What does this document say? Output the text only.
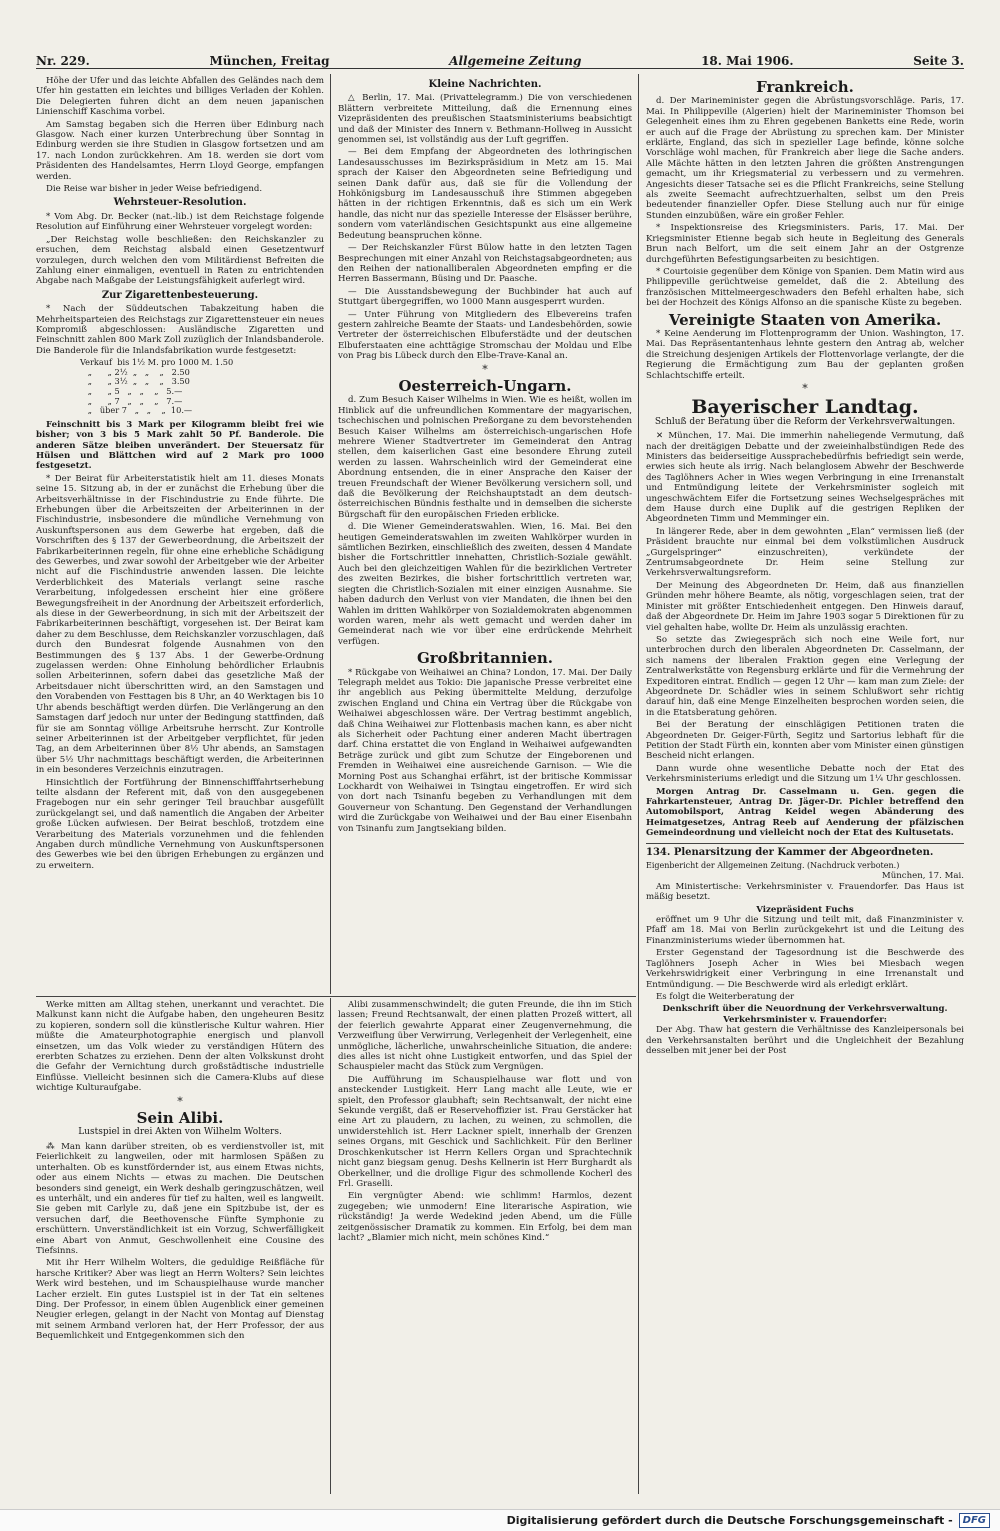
Nr. 229.	München, Freitag	Allgemeine Zeitung	18. Mai 1906.	Seite 3.

Höhe der Ufer und das leichte Abfallen des Geländes nach dem Ufer hin gestatten ein leichtes und billiges Verladen der Kohlen. Die Delegierten fuhren dicht an dem neuen japanischen Linienschiff Kaschima vorbei.

Am Samstag begaben sich die Herren über Edinburg nach Glasgow. Nach einer kurzen Unterbrechung über Sonntag in Edinburg werden sie ihre Studien in Glasgow fortsetzen und am 17. nach London zurückkehren. Am 18. werden sie dort vom Präsidenten des Handelsamtes, Herrn Lloyd George, empfangen werden.

Die Reise war bisher in jeder Weise befriedigend.

Wehrsteuer-Resolution.

* Vom Abg. Dr. Becker (nat.-lib.) ist dem Reichstage folgende Resolution auf Einführung einer Wehrsteuer vorgelegt worden:

„Der Reichstag wolle beschließen: den Reichskanzler zu ersuchen, dem Reichstag alsbald einen Gesetzentwurf vorzulegen, durch welchen den vom Militärdienst Befreiten die Zahlung einer einmaligen, eventuell in Raten zu entrichtenden Abgabe nach Maßgabe der Leistungsfähigkeit auferlegt wird.

Zur Zigarettenbesteuerung.

* Nach der Süddeutschen Tabakzeitung haben die Mehrheitsparteien des Reichstags zur Zigarettensteuer ein neues Kompromiß abgeschlossen: Ausländische Zigaretten und Feinschnitt zahlen 800 Mark Zoll zuzüglich der Inlandsbanderole. Die Banderole für die Inlandsfabrikation wurde festgesetzt:

Verkauf  bis 1½ M. pro 1000 M. 1.50
„      „ 2½  „   „    „   2.50
„      „ 3½  „   „    „   3.50
„      „ 5   „   „    „   5.—
„      „ 7   „   „    „   7.—
„   über 7   „   „    „  10.—

Feinschnitt bis 3 Mark per Kilogramm bleibt frei wie bisher; von 3 bis 5 Mark zahlt 50 Pf. Banderole. Die anderen Sätze bleiben unverändert. Der Steuersatz für Hülsen und Blättchen wird auf 2 Mark pro 1000 festgesetzt.

* Der Beirat für Arbeiterstatistik hielt am 11. dieses Monats seine 15. Sitzung ab, in der er zunächst die Erhebung über die Arbeitsverhältnisse in der Fischindustrie zu Ende führte. Die Erhebungen über die Arbeitszeiten der Arbeiterinnen in der Fischindustrie, insbesondere die mündliche Vernehmung von Auskunftspersonen aus dem Gewerbe hat ergeben, daß die Vorschriften des § 137 der Gewerbeordnung, die Arbeitszeit der Fabrikarbeiterinnen regeln, für ohne eine erhebliche Schädigung des Gewerbes, und zwar sowohl der Arbeitgeber wie der Arbeiter nicht auf die Fischindustrie anwenden lassen. Die leichte Verderblichkeit des Materials verlangt seine rasche Verarbeitung, infolgedessen erscheint hier eine größere Bewegungsfreiheit in der Anordnung der Arbeitszeit erforderlich, als diese in der Gewerbeordnung, in sich mit der Arbeitszeit der Fabrikarbeiterinnen beschäftigt, vorgesehen ist. Der Beirat kam daher zu dem Beschlusse, dem Reichskanzler vorzuschlagen, daß durch den Bundesrat folgende Ausnahmen von den Bestimmungen des § 137 Abs. 1 der Gewerbe-Ordnung zugelassen werden: Ohne Einholung behördlicher Erlaubnis sollen Arbeiterinnen, sofern dabei das gesetzliche Maß der Arbeitsdauer nicht überschritten wird, an den Samstagen und den Vorabenden von Festtagen bis 8 Uhr, an 40 Werktagen bis 10 Uhr abends beschäftigt werden dürfen. Die Verlängerung an den Samstagen darf jedoch nur unter der Bedingung stattfinden, daß für sie am Sonntag völlige Arbeitsruhe herrscht. Zur Kontrolle seiner Arbeiterinnen ist der Arbeitgeber verpflichtet, für jeden Tag, an dem Arbeiterinnen über 8½ Uhr abends, an Samstagen über 5½ Uhr nachmittags beschäftigt werden, die Arbeiterinnen in ein besonderes Verzeichnis einzutragen.

Hinsichtlich der Fortführung der Binnenschifffahrtserhebung teilte alsdann der Referent mit, daß von den ausgegebenen Fragebogen nur ein sehr geringer Teil brauchbar ausgefüllt zurückgelangt sei, und daß namentlich die Angaben der Arbeiter große Lücken aufwiesen. Der Beirat beschloß, trotzdem eine Verarbeitung des Materials vorzunehmen und die fehlenden Angaben durch mündliche Vernehmung von Auskunftspersonen des Gewerbes wie bei den übrigen Erhebungen zu ergänzen und zu erweitern.

Kleine Nachrichten.

△ Berlin, 17. Mai. (Privattelegramm.) Die von verschiedenen Blättern verbreitete Mitteilung, daß die Ernennung eines Vizepräsidenten des preußischen Staatsministeriums beabsichtigt und daß der Minister des Innern v. Bethmann-Hollweg in Aussicht genommen sei, ist vollständig aus der Luft gegriffen.

— Bei dem Empfang der Abgeordneten des lothringischen Landesausschusses im Bezirkspräsidium in Metz am 15. Mai sprach der Kaiser den Abgeordneten seine Befriedigung und seinen Dank dafür aus, daß sie für die Vollendung der Hohkönigsburg im Landesausschuß ihre Stimmen abgegeben hätten in der richtigen Erkenntnis, daß es sich um ein Werk handle, das nicht nur das spezielle Interesse der Elsässer berühre, sondern vom vaterländischen Gesichtspunkt aus eine allgemeine Bedeutung beanspruchen könne.

— Der Reichskanzler Fürst Bülow hatte in den letzten Tagen Besprechungen mit einer Anzahl von Reichstagsabgeordneten; aus den Reihen der nationalliberalen Abgeordneten empfing er die Herren Bassermann, Büsing und Dr. Paasche.

— Die Ausstandsbewegung der Buchbinder hat auch auf Stuttgart übergegriffen, wo 1000 Mann ausgesperrt wurden.

— Unter Führung von Mitgliedern des Elbevereins trafen gestern zahlreiche Beamte der Staats- und Landesbehörden, sowie Vertreter der österreichischen Elbuferstädte und der deutschen Elbuferstaaten eine achttägige Stromschau der Moldau und Elbe von Prag bis Lübeck durch den Elbe-Trave-Kanal an.

*
Oesterreich-Ungarn.

d. Zum Besuch Kaiser Wilhelms in Wien. Wie es heißt, wollen im Hinblick auf die unfreundlichen Kommentare der magyarischen, tschechischen und polnischen Preßorgane zu dem bevorstehenden Besuch Kaiser Wilhelms am österreichisch-ungarischen Hofe mehrere Wiener Stadtvertreter im Gemeinderat den Antrag stellen, dem kaiserlichen Gast eine besondere Ehrung zuteil werden zu lassen. Wahrscheinlich wird der Gemeinderat eine Abordnung entsenden, die in einer Ansprache den Kaiser der treuen Freundschaft der Wiener Bevölkerung versichern soll, und daß die Bevölkerung der Reichshauptstadt an dem deutsch-österreichischen Bündnis festhalte und in demselben die sicherste Bürgschaft für den europäischen Frieden erblicke.

d. Die Wiener Gemeinderatswahlen. Wien, 16. Mai. Bei den heutigen Gemeinderatswahlen im zweiten Wahlkörper wurden in sämtlichen Bezirken, einschließlich des zweiten, dessen 4 Mandate bisher die Fortschrittler innehatten, Christlich-Soziale gewählt. Auch bei den gleichzeitigen Wahlen für die bezirklichen Vertreter des zweiten Bezirkes, die bisher fortschrittlich vertreten war, siegten die Christlich-Sozialen mit einer einzigen Ausnahme. Sie haben dadurch den Verlust von vier Mandaten, die ihnen bei den Wahlen im dritten Wahlkörper von Sozialdemokraten abgenommen worden waren, mehr als wett gemacht und werden daher im Gemeinderat nach wie vor über eine erdrückende Mehrheit verfügen.

Großbritannien.

* Rückgabe von Weihaiwei an China? London, 17. Mai. Der Daily Telegraph meldet aus Tokio: Die japanische Presse verbreitet eine ihr angeblich aus Peking übermittelte Meldung, derzufolge zwischen England und China ein Vertrag über die Rückgabe von Weihaiwei abgeschlossen wäre. Der Vertrag bestimmt angeblich, daß China Weihaiwei zur Flottenbasis machen kann, es aber nicht als Sicherheit oder Pachtung einer anderen Macht übertragen darf. China erstattet die von England in Weihaiwei aufgewandten Beträge zurück und gibt zum Schutze der Eingeborenen und Fremden in Weihaiwei eine ausreichende Garnison. — Wie die Morning Post aus Schanghai erfährt, ist der britische Kommissar Lockhardt von Weihaiwei in Tsingtau eingetroffen. Er wird sich von dort nach Tsinanfu begeben zu Verhandlungen mit dem Gouverneur von Schantung. Den Gegenstand der Verhandlungen wird die Zurückgabe von Weihaiwei und der Bau einer Eisenbahn von Tsinanfu zum Jangtsekiang bilden.

Frankreich.

d. Der Marineminister gegen die Abrüstungsvorschläge. Paris, 17. Mai. In Philippeville (Algerien) hielt der Marineminister Thomson bei Gelegenheit eines ihm zu Ehren gegebenen Banketts eine Rede, worin er auch auf die Frage der Abrüstung zu sprechen kam. Der Minister erklärte, England, das sich in spezieller Lage befinde, könne solche Vorschläge wohl machen, für Frankreich aber liege die Sache anders. Alle Mächte hätten in den letzten Jahren die größten Anstrengungen gemacht, um ihr Kriegsmaterial zu verbessern und zu vermehren. Angesichts dieser Tatsache sei es die Pflicht Frankreichs, seine Stellung als zweite Seemacht aufrechtzuerhalten, selbst um den Preis bedeutender finanzieller Opfer. Diese Stellung auch nur für einige Stunden einzubüßen, wäre ein großer Fehler.

* Inspektionsreise des Kriegsministers. Paris, 17. Mai. Der Kriegsminister Etienne begab sich heute in Begleitung des Generals Brun nach Belfort, um die seit einem Jahr an der Ostgrenze durchgeführten Befestigungsarbeiten zu besichtigen.

* Courtoisie gegenüber dem Könige von Spanien. Dem Matin wird aus Philippeville gerüchtweise gemeldet, daß die 2. Abteilung des französischen Mittelmeergeschwaders den Befehl erhalten habe, sich bei der Hochzeit des Königs Alfonso an die spanische Küste zu begeben.

Vereinigte Staaten von Amerika.

* Keine Aenderung im Flottenprogramm der Union. Washington, 17. Mai. Das Repräsentantenhaus lehnte gestern den Antrag ab, welcher die Streichung desjenigen Artikels der Flottenvorlage verlangte, der die Regierung die Ermächtigung zum Bau der geplanten großen Schlachtschiffe erteilt.

*
Bayerischer Landtag.
Schluß der Beratung über die Reform der Verkehrsverwaltungen.

✕ München, 17. Mai. Die immerhin naheliegende Vermutung, daß nach der dreitägigen Debatte und der zweieinhalbstündigen Rede des Ministers das beiderseitige Aussprachebedürfnis befriedigt sein werde, erwies sich heute als irrig. Nach belanglosem Abwehr der Beschwerde des Taglöhners Acher in Wies wegen Verbringung in eine Irrenanstalt und Entmündigung leitete der Verkehrsminister sogleich mit ungeschwächtem Eifer die Fortsetzung seines Wechselgespräches mit dem Hause durch eine Duplik auf die gestrigen Repliken der Abgeordneten Timm und Memminger ein.

In längerer Rede, aber in dem gewohnten „Elan“ vermissen ließ (der Präsident brauchte nur einmal bei dem volkstümlichen Ausdruck „Gurgelspringer“ einzuschreiten), verkündete der Zentrumsabgeordnete Dr. Heim seine Stellung zur Verkehrsverwaltungsreform.

Der Meinung des Abgeordneten Dr. Heim, daß aus finanziellen Gründen mehr höhere Beamte, als nötig, vorgeschlagen seien, trat der Minister mit größter Entschiedenheit entgegen. Den Hinweis darauf, daß der Abgeordnete Dr. Heim im Jahre 1903 sogar 5 Direktionen für zu viel gehalten habe, wollte Dr. Heim als unzulässig erachten.

So setzte das Zwiegespräch sich noch eine Weile fort, nur unterbrochen durch den liberalen Abgeordneten Dr. Casselmann, der sich namens der liberalen Fraktion gegen eine Verlegung der Zentralwerkstätte von Regensburg erklärte und für die Vermehrung der Expeditoren eintrat. Endlich — gegen 12 Uhr — kam man zum Ziele: der Abgeordnete Dr. Schädler wies in seinem Schlußwort sehr richtig darauf hin, daß eine Menge Einzelheiten besprochen worden seien, die in die Etatsberatung gehören.

Bei der Beratung der einschlägigen Petitionen traten die Abgeordneten Dr. Geiger-Fürth, Segitz und Sartorius lebhaft für die Petition der Stadt Fürth ein, konnten aber vom Minister einen günstigen Bescheid nicht erlangen.

Dann wurde ohne wesentliche Debatte noch der Etat des Verkehrsministeriums erledigt und die Sitzung um 1¼ Uhr geschlossen.

Morgen Antrag Dr. Casselmann u. Gen. gegen die Fahrkartensteuer, Antrag Dr. Jäger-Dr. Pichler betreffend den Automobilsport, Antrag Keidel wegen Abänderung des Heimatgesetzes, Antrag Reeb auf Aenderung der pfälzischen Gemeindeordnung und vielleicht noch der Etat des Kultusetats.

134. Plenarsitzung der Kammer der Abgeordneten.
Eigenbericht der Allgemeinen Zeitung. (Nachdruck verboten.)
München, 17. Mai.

Am Ministertische: Verkehrsminister v. Frauendorfer. Das Haus ist mäßig besetzt.

Vizepräsident Fuchs

eröffnet um 9 Uhr die Sitzung und teilt mit, daß Finanzminister v. Pfaff am 18. Mai von Berlin zurückgekehrt ist und die Leitung des Finanzministeriums wieder übernommen hat.

Erster Gegenstand der Tagesordnung ist die Beschwerde des Taglöhners Joseph Acher in Wies bei Miesbach wegen Verkehrswidrigkeit einer Verbringung in eine Irrenanstalt und Entmündigung. — Die Beschwerde wird als erledigt erklärt.

Es folgt die Weiterberatung der

Denkschrift über die Neuordnung der Verkehrsverwaltung.
Verkehrsminister v. Frauendorfer:

Der Abg. Thaw hat gestern die Verhältnisse des Kanzleipersonals bei den Verkehrsanstalten berührt und die Ungleichheit der Bezahlung desselben mit jener bei der Post

Werke mitten am Alltag stehen, unerkannt und verachtet. Die Malkunst kann nicht die Aufgabe haben, den ungeheuren Besitz zu kopieren, sondern soll die künstlerische Kultur wahren. Hier müßte die Amateurphotographie energisch und planvoll einsetzen, um das Volk wieder zu verständigen Hütern des ererbten Schatzes zu erziehen. Denn der alten Volkskunst droht die Gefahr der Vernichtung durch großstädtische industrielle Einflüsse. Vielleicht besinnen sich die Camera-Klubs auf diese wichtige Kulturaufgabe.

*
Sein Alibi.
Lustspiel in drei Akten von Wilhelm Wolters.

⁂ Man kann darüber streiten, ob es verdienstvoller ist, mit Feierlichkeit zu langweilen, oder mit harmlosen Späßen zu unterhalten. Ob es kunstfördernder ist, aus einem Etwas nichts, oder aus einem Nichts — etwas zu machen. Die Deutschen besonders sind geneigt, ein Werk deshalb geringzuschätzen, weil es unterhält, und ein anderes für tief zu halten, weil es langweilt. Sie geben mit Carlyle zu, daß jene ein Spitzbube ist, der es versuchen darf, die Beethovensche Fünfte Symphonie zu erschüttern. Unverständlichkeit ist ein Vorzug, Schwerfälligkeit eine Abart von Anmut, Geschwollenheit eine Cousine des Tiefsinns.

Mit ihr Herr Wilhelm Wolters, die geduldige Reißfläche für harsche Kritiker? Aber was liegt an Herrn Wolters? Sein leichtes Werk wird bestehen, und im Schauspielhause wurde mancher Lacher erzielt. Ein gutes Lustspiel ist in der Tat ein seltenes Ding. Der Professor, in einem üblen Augenblick einer gemeinen Neugier erlegen, gelangt in der Nacht von Montag auf Dienstag mit seinem Armband verloren hat, der Herr Professor, der aus Bequemlichkeit und Entgegenkommen sich den

Alibi zusammenschwindelt; die guten Freunde, die ihn im Stich lassen; Freund Rechtsanwalt, der einen platten Prozeß wittert, all der feierlich gewahrte Apparat einer Zeugenvernehmung, die Verzweiflung über Verwirrung, Verlegenheit der Verlegenheit, eine unmögliche, lächerliche, unwahrscheinliche Situation, die andere: dies alles ist nicht ohne Lustigkeit entworfen, und das Spiel der Schauspieler macht das Stück zum Vergnügen.

Die Aufführung im Schauspielhause war flott und von ansteckender Lustigkeit. Herr Lang macht alle Leute, wie er spielt, den Professor glaubhaft; sein Rechtsanwalt, der nicht eine Sekunde vergißt, daß er Reservehoffizier ist. Frau Gerstäcker hat eine Art zu plaudern, zu lachen, zu weinen, zu schmollen, die unwiderstehlich ist. Herr Lackner spielt, innerhalb der Grenzen seines Organs, mit Geschick und Sachlichkeit. Für den Berliner Droschkenkutscher ist Herrn Kellers Organ und Sprachtechnik nicht ganz biegsam genug. Deshs Kellnerin ist Herr Burghardt als Oberkellner, und die drollige Figur des schmollende Kocherl des Frl. Graselli.

Ein vergnügter Abend: wie schlimm! Harmlos, dezent zugegeben; wie unmodern! Eine literarische Aspiration, wie rückständig! Ja werde Wedekind jeden Abend, um die Fülle zeitgenössischer Dramatik zu kommen. Ein Erfolg, bei dem man lacht? „Blamier mich nicht, mein schönes Kind.“

Digitalisierung gefördert durch die Deutsche Forschungsgemeinschaft -	DFG
